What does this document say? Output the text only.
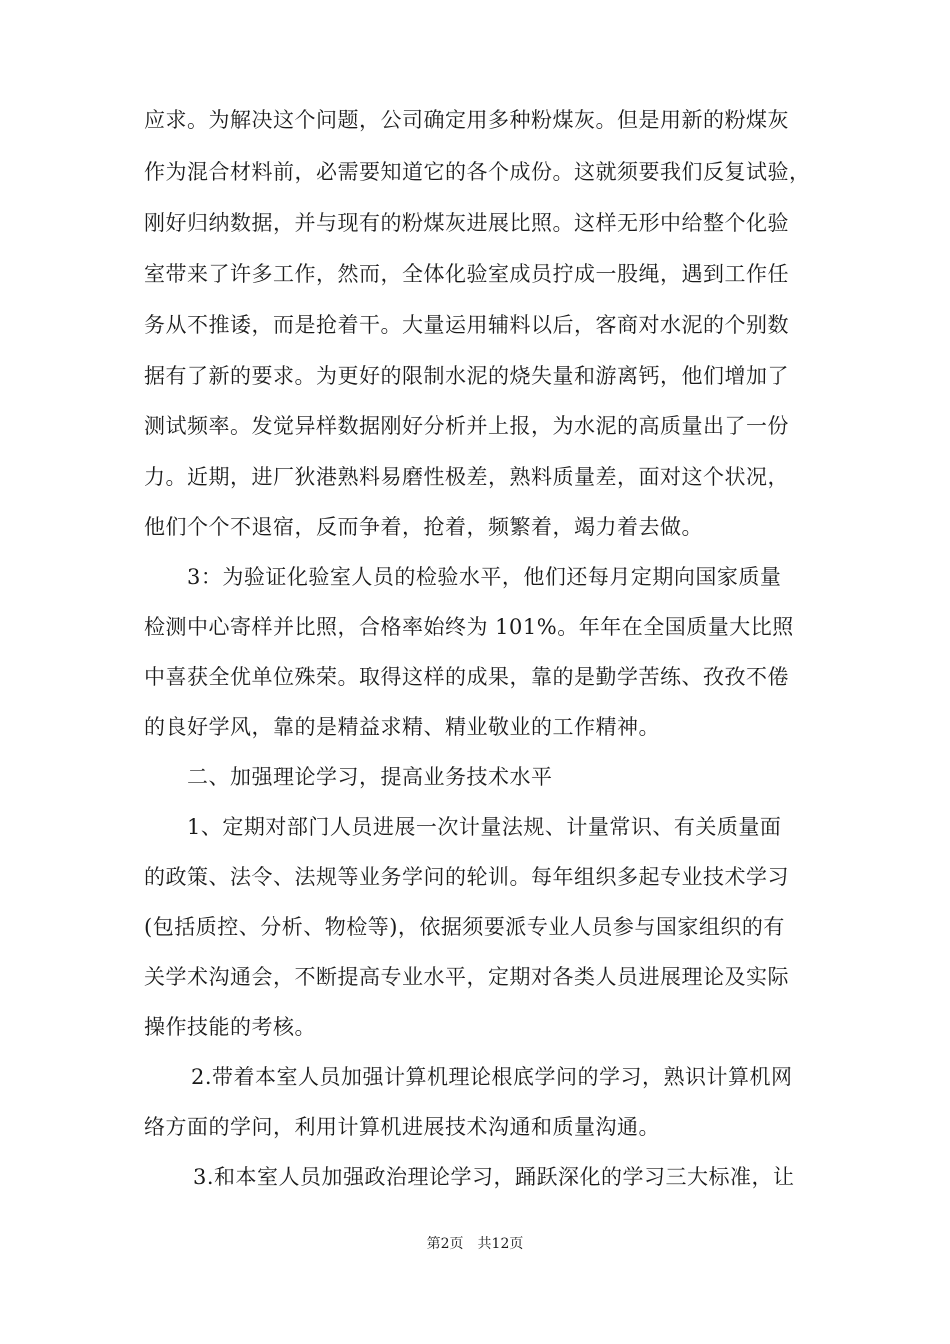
应求。为解决这个问题，公司确定用多种粉煤灰。但是用新的粉煤灰
作为混合材料前，必需要知道它的各个成份。这就须要我们反复试验，
刚好归纳数据，并与现有的粉煤灰进展比照。这样无形中给整个化验
室带来了许多工作，然而，全体化验室成员拧成一股绳，遇到工作任
务从不推诿，而是抢着干。大量运用辅料以后，客商对水泥的个别数
据有了新的要求。为更好的限制水泥的烧失量和游离钙，他们增加了
测试频率。发觉异样数据刚好分析并上报，为水泥的高质量出了一份
力。近期，进厂狄港熟料易磨性极差，熟料质量差，面对这个状况，
他们个个不退宿，反而争着，抢着，频繁着，竭力着去做。
3：为验证化验室人员的检验水平，他们还每月定期向国家质量
检测中心寄样并比照，合格率始终为 101%。年年在全国质量大比照
中喜获全优单位殊荣。取得这样的成果，靠的是勤学苦练、孜孜不倦
的良好学风，靠的是精益求精、精业敬业的工作精神。
二、加强理论学习，提高业务技术水平
1、定期对部门人员进展一次计量法规、计量常识、有关质量面
的政策、法令、法规等业务学问的轮训。每年组织多起专业技术学习
(包括质控、分析、物检等)，依据须要派专业人员参与国家组织的有
关学术沟通会，不断提高专业水平，定期对各类人员进展理论及实际
操作技能的考核。
2.带着本室人员加强计算机理论根底学问的学习，熟识计算机网
络方面的学问，利用计算机进展技术沟通和质量沟通。
3.和本室人员加强政治理论学习，踊跃深化的学习三大标准，让
第2页 共12页
